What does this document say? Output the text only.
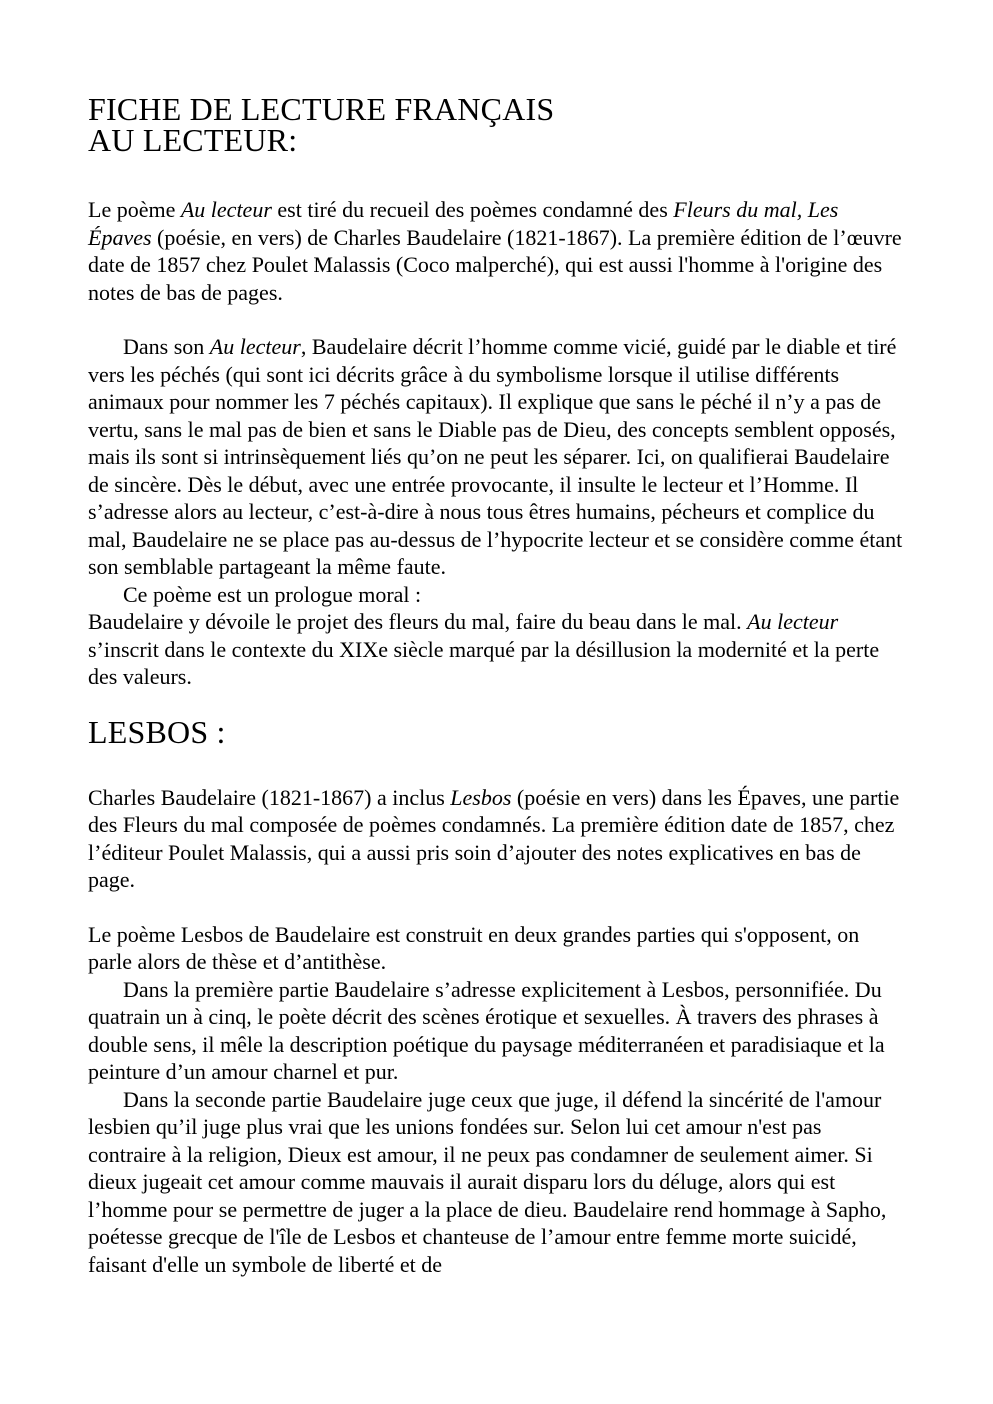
FICHE DE LECTURE FRANÇAIS
AU LECTEUR:

Le poème Au lecteur est tiré du recueil des poèmes condamné des Fleurs du mal, Les Épaves (poésie, en vers) de Charles Baudelaire (1821-1867). La première édition de l’œuvre date de 1857 chez Poulet Malassis (Coco malperché), qui est aussi l'homme à l'origine des notes de bas de pages.

Dans son Au lecteur, Baudelaire décrit l’homme comme vicié, guidé par le diable et tiré vers les péchés (qui sont ici décrits grâce à du symbolisme lorsque il utilise différents animaux pour nommer les 7 péchés capitaux). Il explique que sans le péché il n’y a pas de vertu, sans le mal pas de bien et sans le Diable pas de Dieu, des concepts semblent opposés, mais ils sont si intrinsèquement liés qu’on ne peut les séparer. Ici, on qualifierai Baudelaire de sincère. Dès le début, avec une entrée provocante, il insulte le lecteur et l’Homme. Il s’adresse alors au lecteur, c’est-à-dire à nous tous êtres humains, pécheurs et complice du mal, Baudelaire ne se place pas au-dessus de l’hypocrite lecteur et se considère comme étant son semblable partageant la même faute.

Ce poème est un prologue moral :

Baudelaire y dévoile le projet des fleurs du mal, faire du beau dans le mal. Au lecteur s’inscrit dans le contexte du XIXe siècle marqué par la désillusion la modernité et la perte des valeurs.

LESBOS :

Charles Baudelaire (1821-1867) a inclus Lesbos (poésie en vers) dans les Épaves, une partie des Fleurs du mal composée de poèmes condamnés. La première édition date de 1857, chez l’éditeur Poulet Malassis, qui a aussi pris soin d’ajouter des notes explicatives en bas de page.

Le poème Lesbos de Baudelaire est construit en deux grandes parties qui s'opposent, on parle alors de thèse et d’antithèse.

Dans la première partie Baudelaire s’adresse explicitement à Lesbos, personnifiée. Du quatrain un à cinq, le poète décrit des scènes érotique et sexuelles. À travers des phrases à double sens, il mêle la description poétique du paysage méditerranéen et paradisiaque et la peinture d’un amour charnel et pur.

Dans la seconde partie Baudelaire juge ceux que juge, il défend la sincérité de l'amour lesbien qu’il juge plus vrai que les unions fondées sur. Selon lui cet amour n'est pas contraire à la religion, Dieux est amour, il ne peux pas condamner de seulement aimer. Si dieux jugeait cet amour comme mauvais il aurait disparu lors du déluge, alors qui est l’homme pour se permettre de juger a la place de dieu. Baudelaire rend hommage à Sapho, poétesse grecque de l'île de Lesbos et chanteuse de l’amour entre femme morte suicidé, faisant d'elle un symbole de liberté et de
